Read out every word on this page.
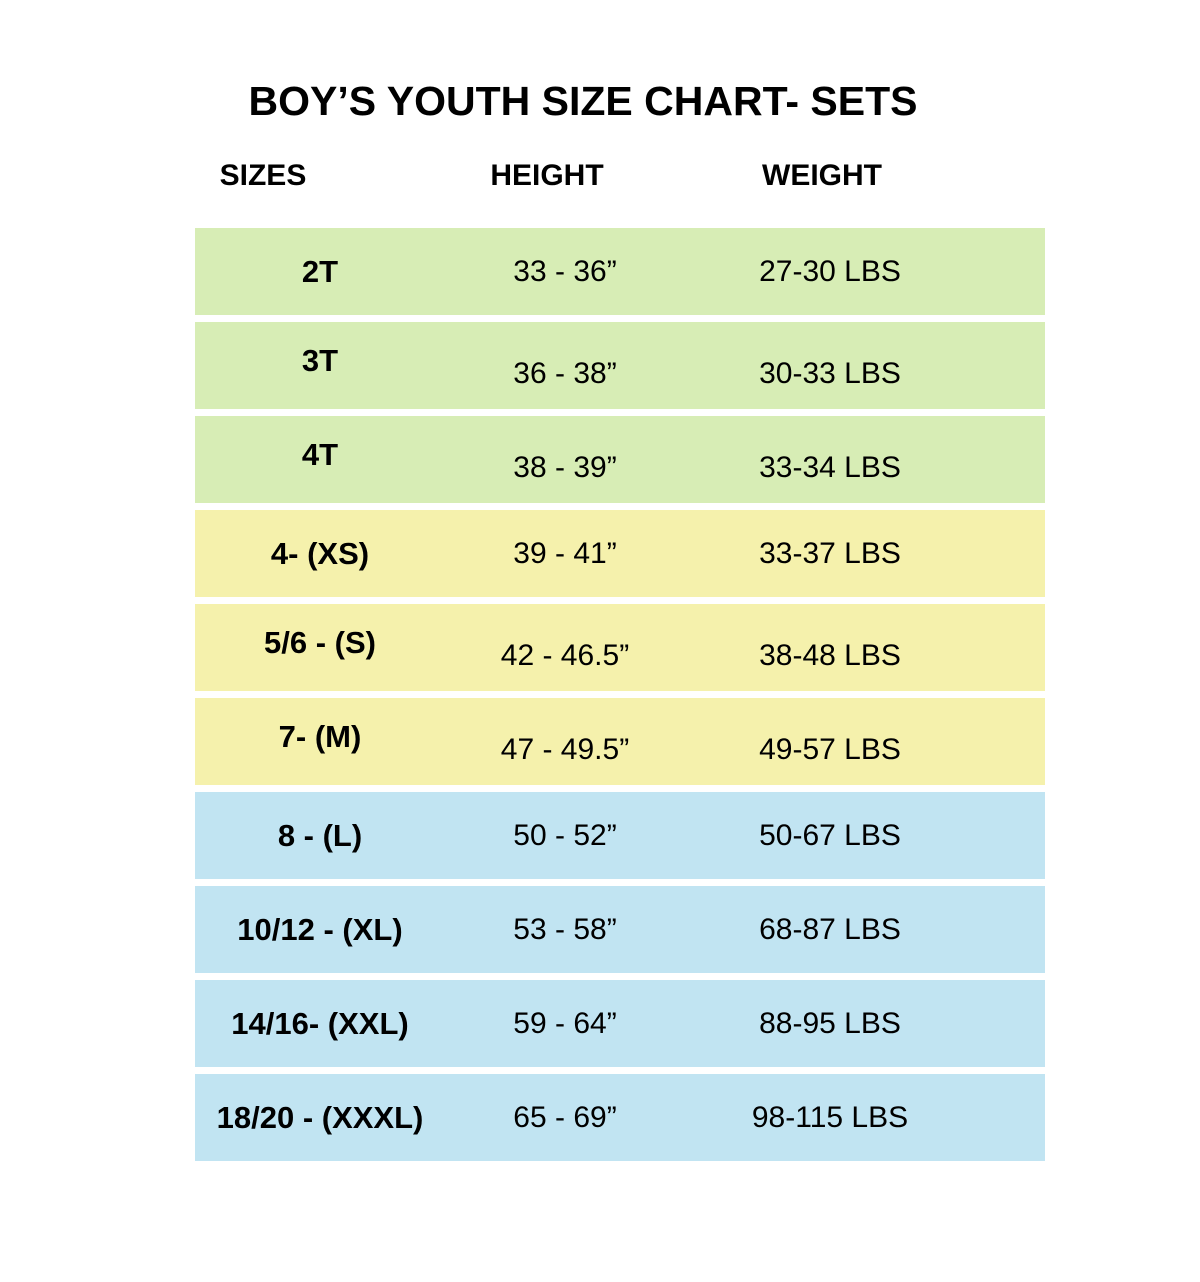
BOY’S YOUTH SIZE CHART- SETS
SIZES	HEIGHT	WEIGHT
2T	33 - 36”	27-30 LBS
3T	36 - 38”	30-33 LBS
4T	38 - 39”	33-34 LBS
4- (XS)	39 - 41”	33-37 LBS
5/6 - (S)	42 - 46.5”	38-48 LBS
7- (M)	47 - 49.5”	49-57 LBS
8 - (L)	50 - 52”	50-67 LBS
10/12 - (XL)	53 - 58”	68-87 LBS
14/16- (XXL)	59 - 64”	88-95 LBS
18/20 - (XXXL)	65 - 69”	98-115 LBS
